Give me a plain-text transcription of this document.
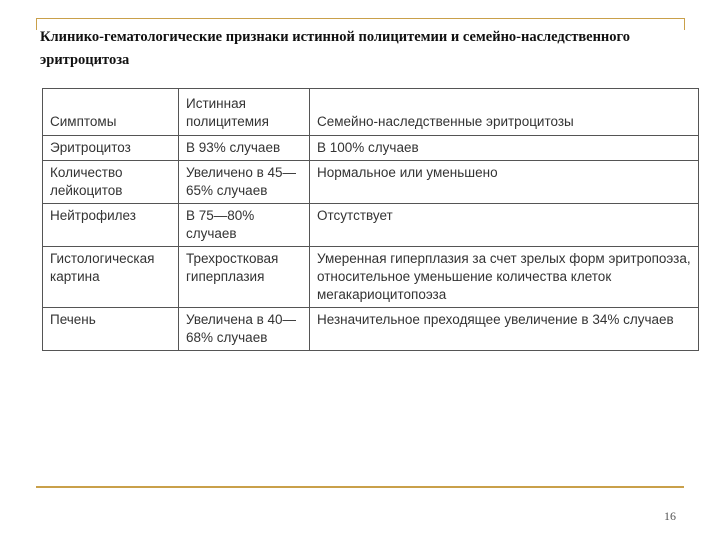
Клинико-гематологические признаки истинной полицитемии и семейно-наследственного эритроцитоза
Симптомы	Истинная полицитемия	Семейно-наследственные эритроцитозы
Эритроцитоз	В 93% случаев	В 100% случаев
Количество лейкоцитов	Увеличено в 45—65% случаев	Нормальное или уменьшено
Нейтрофилез	В 75—80% случаев	Отсутствует
Гистологическая картина	Трехростковая гиперплазия	Умеренная гиперплазия за счет зрелых форм эритропоэза, относительное уменьшение количества клеток мегакариоцитопоэза
Печень	Увеличена в 40—68% случаев	Незначительное преходящее увеличение в 34% случаев
16
